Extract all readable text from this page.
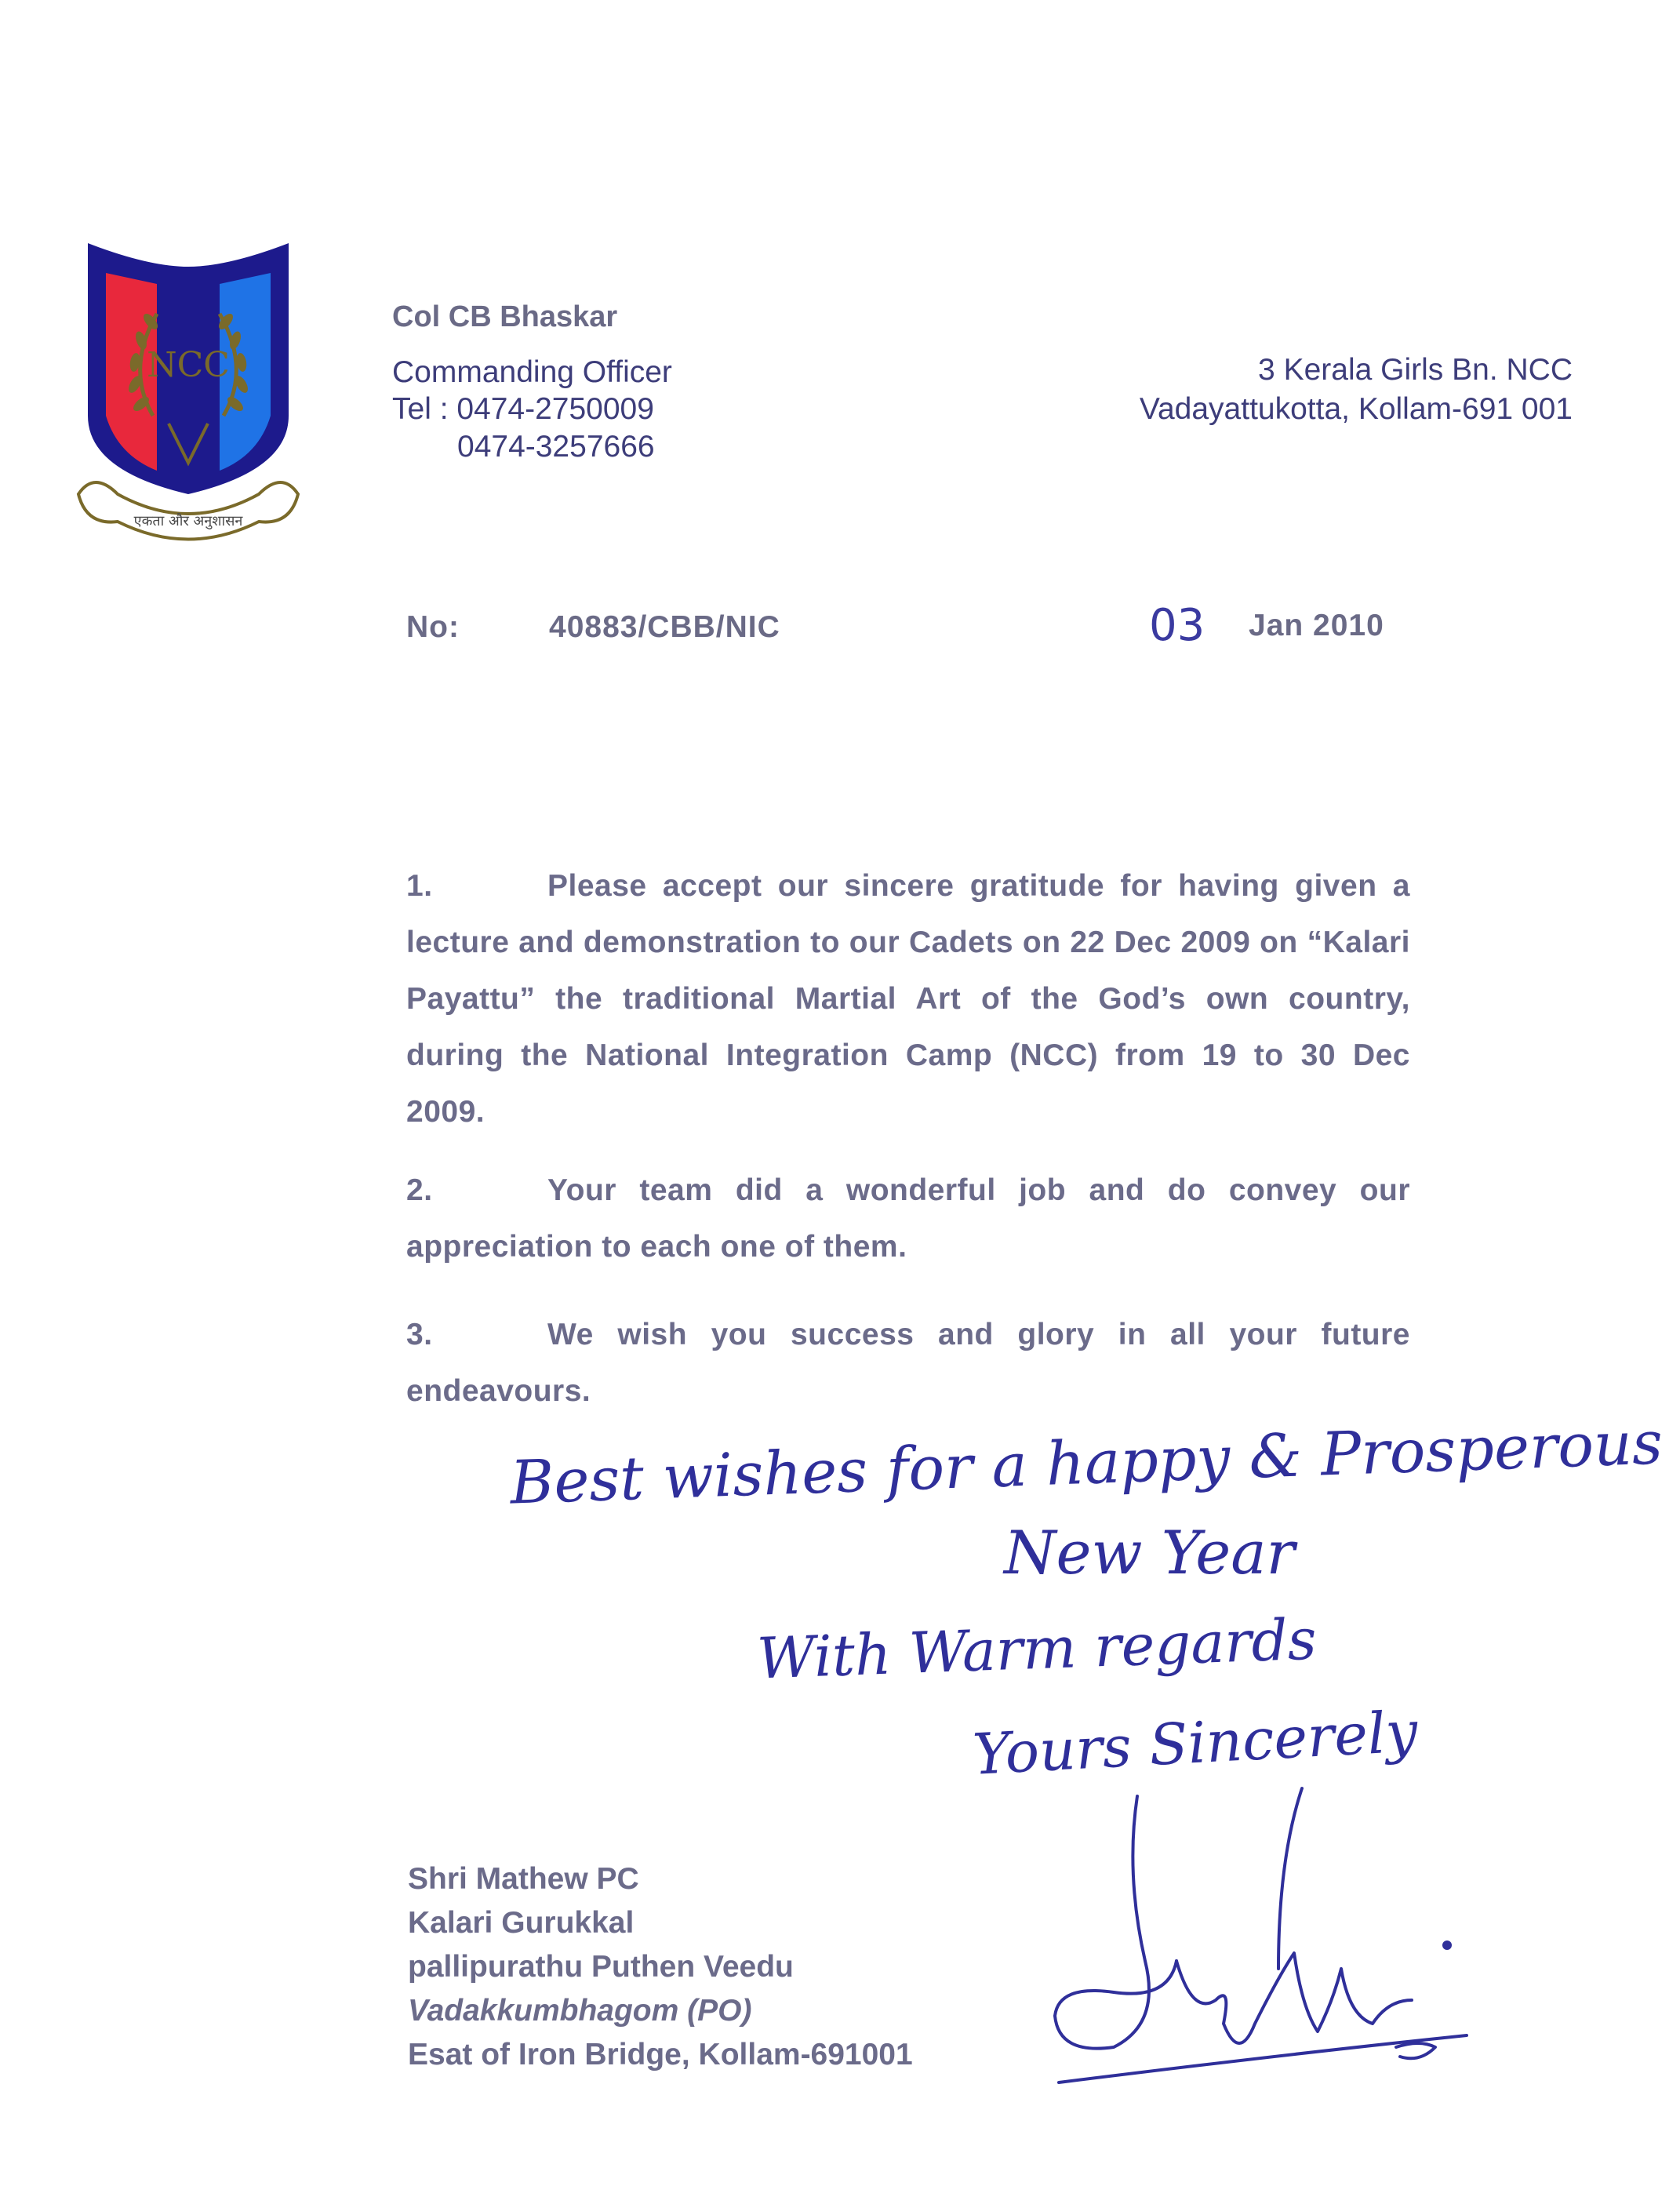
NCC
एकता और अनुशासन
Col CB Bhaskar
Commanding Officer
Tel : 0474-2750009
0474-3257666
3 Kerala Girls Bn. NCC
Vadayattukotta, Kollam-691 001
No:	40883/CBB/NIC	03 Jan 2010
1.	Please accept our sincere gratitude for having given a lecture and demonstration to our Cadets on 22 Dec 2009 on “Kalari Payattu” the traditional Martial Art of the God’s own country, during the National Integration Camp (NCC) from 19 to 30 Dec 2009.
2.	Your team did a wonderful job and do convey our appreciation to each one of them.
3.	We wish you success and glory in all your future endeavours.
Best wishes for a happy & Prosperous
New Year
With Warm regards
Yours Sincerely
Shri Mathew PC
Kalari Gurukkal
pallipurathu Puthen Veedu
Vadakkumbhagom (PO)
Esat of Iron Bridge, Kollam-691001
